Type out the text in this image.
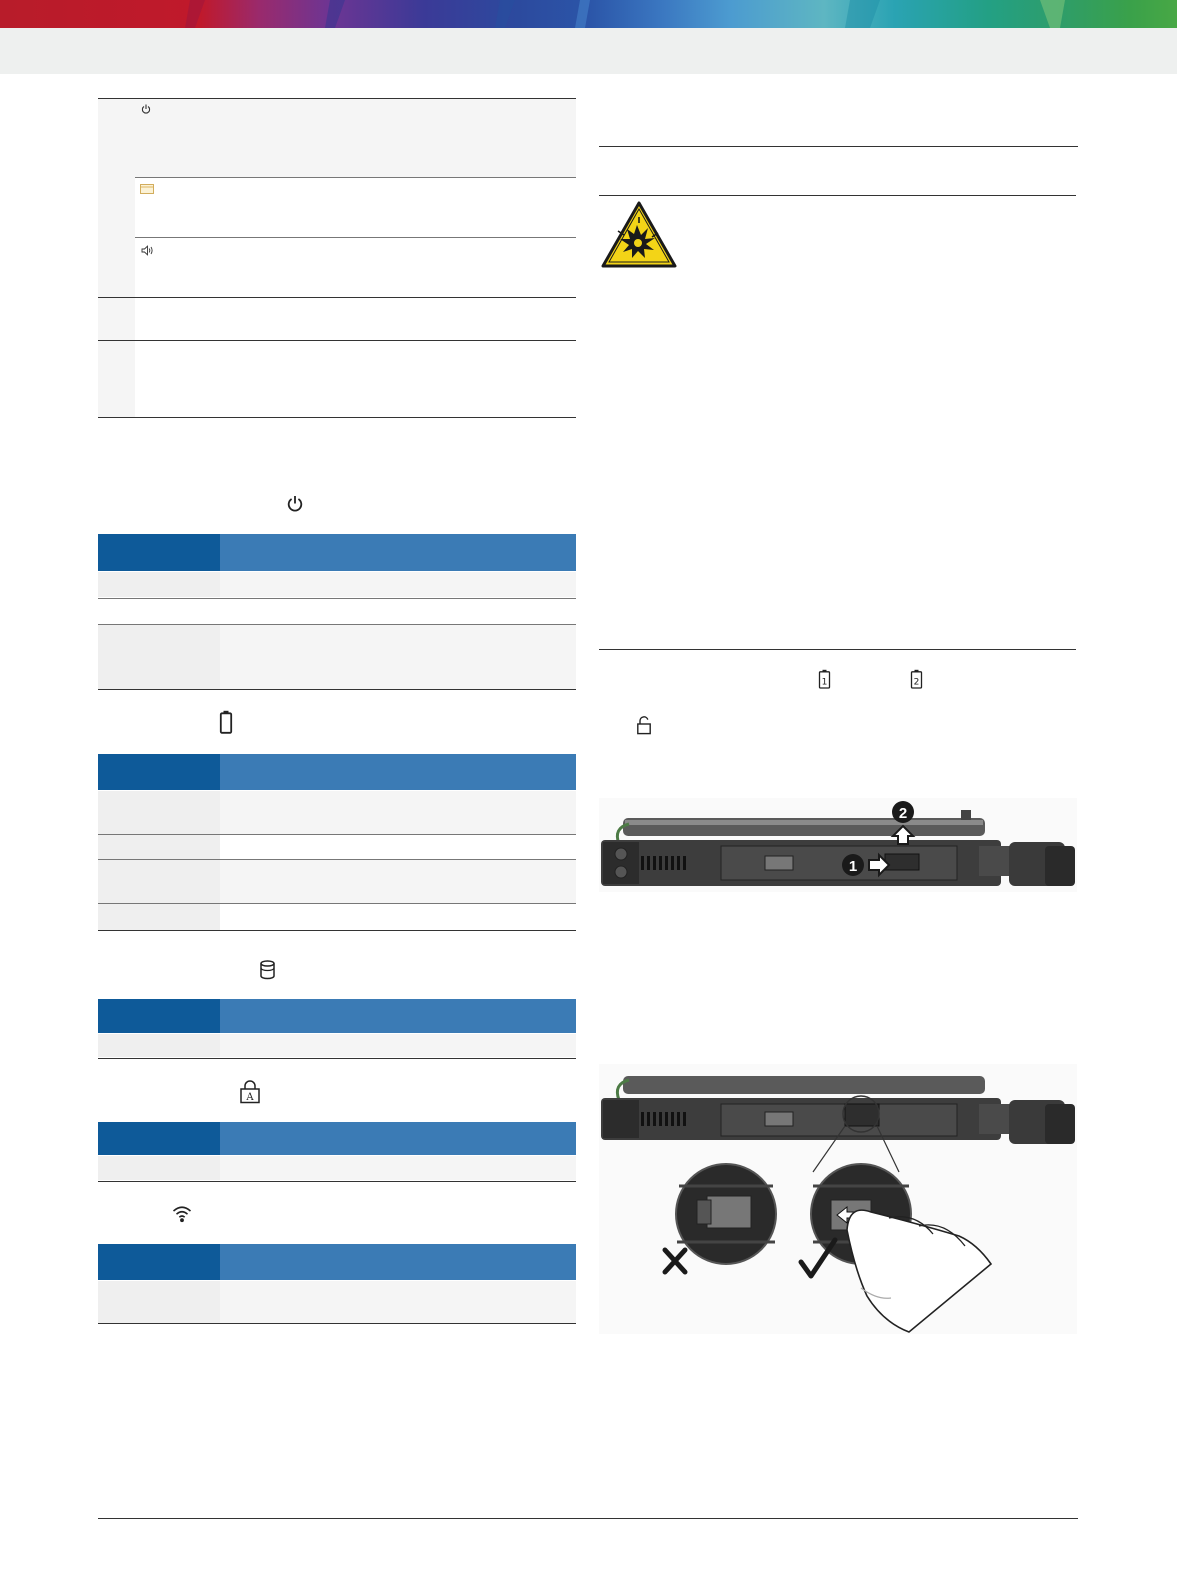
A
1	2
1
2
